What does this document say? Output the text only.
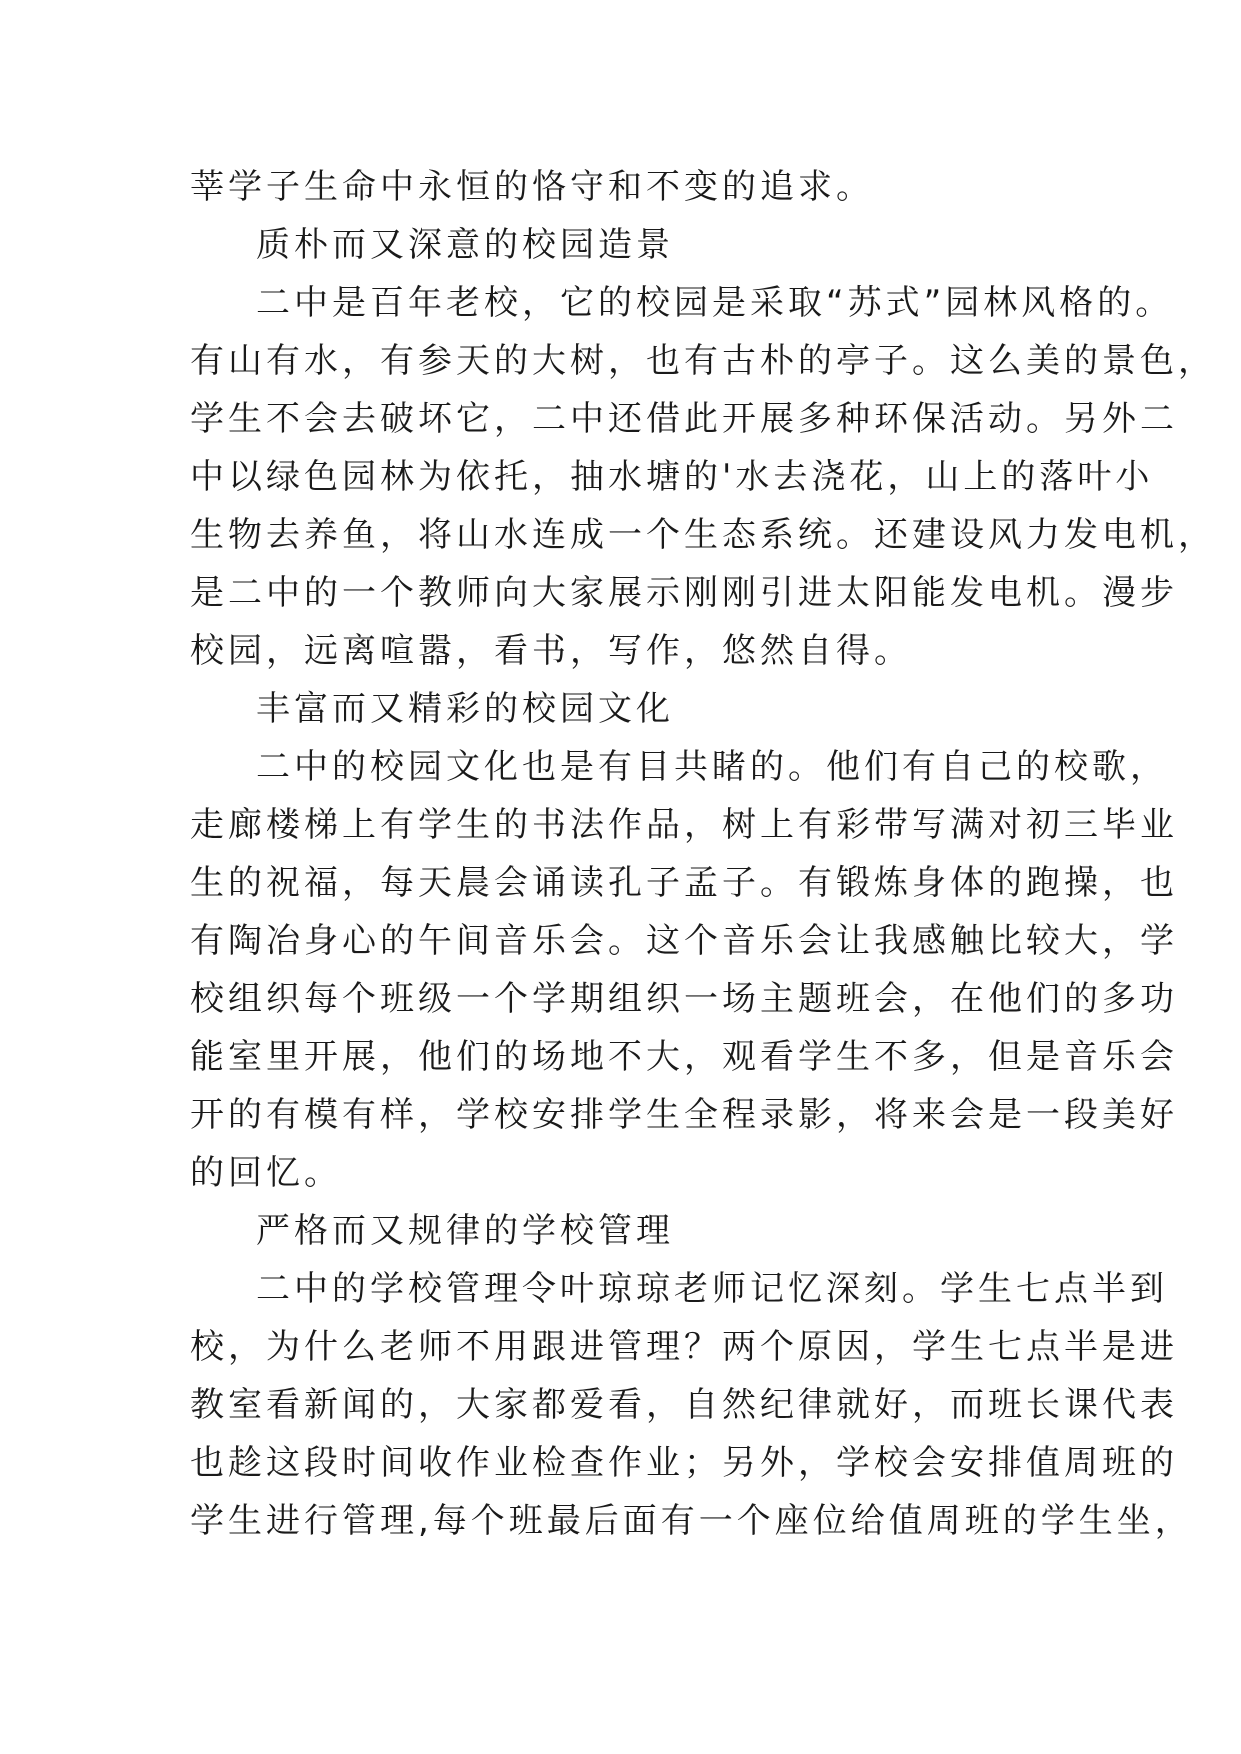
莘学子生命中永恒的恪守和不变的追求。
质朴而又深意的校园造景
二中是百年老校，它的校园是采取“苏式”园林风格的。
有山有水，有参天的大树，也有古朴的亭子。这么美的景色，
学生不会去破坏它，二中还借此开展多种环保活动。另外二
中以绿色园林为依托，抽水塘的'水去浇花，山上的落叶小
生物去养鱼，将山水连成一个生态系统。还建设风力发电机，
是二中的一个教师向大家展示刚刚引进太阳能发电机。漫步
校园，远离喧嚣，看书，写作，悠然自得。
丰富而又精彩的校园文化
二中的校园文化也是有目共睹的。他们有自己的校歌，
走廊楼梯上有学生的书法作品，树上有彩带写满对初三毕业
生的祝福，每天晨会诵读孔子孟子。有锻炼身体的跑操，也
有陶冶身心的午间音乐会。这个音乐会让我感触比较大，学
校组织每个班级一个学期组织一场主题班会，在他们的多功
能室里开展，他们的场地不大，观看学生不多，但是音乐会
开的有模有样，学校安排学生全程录影，将来会是一段美好
的回忆。
严格而又规律的学校管理
二中的学校管理令叶琼琼老师记忆深刻。学生七点半到
校，为什么老师不用跟进管理？两个原因，学生七点半是进
教室看新闻的，大家都爱看，自然纪律就好，而班长课代表
也趁这段时间收作业检查作业；另外，学校会安排值周班的
学生进行管理,每个班最后面有一个座位给值周班的学生坐，
